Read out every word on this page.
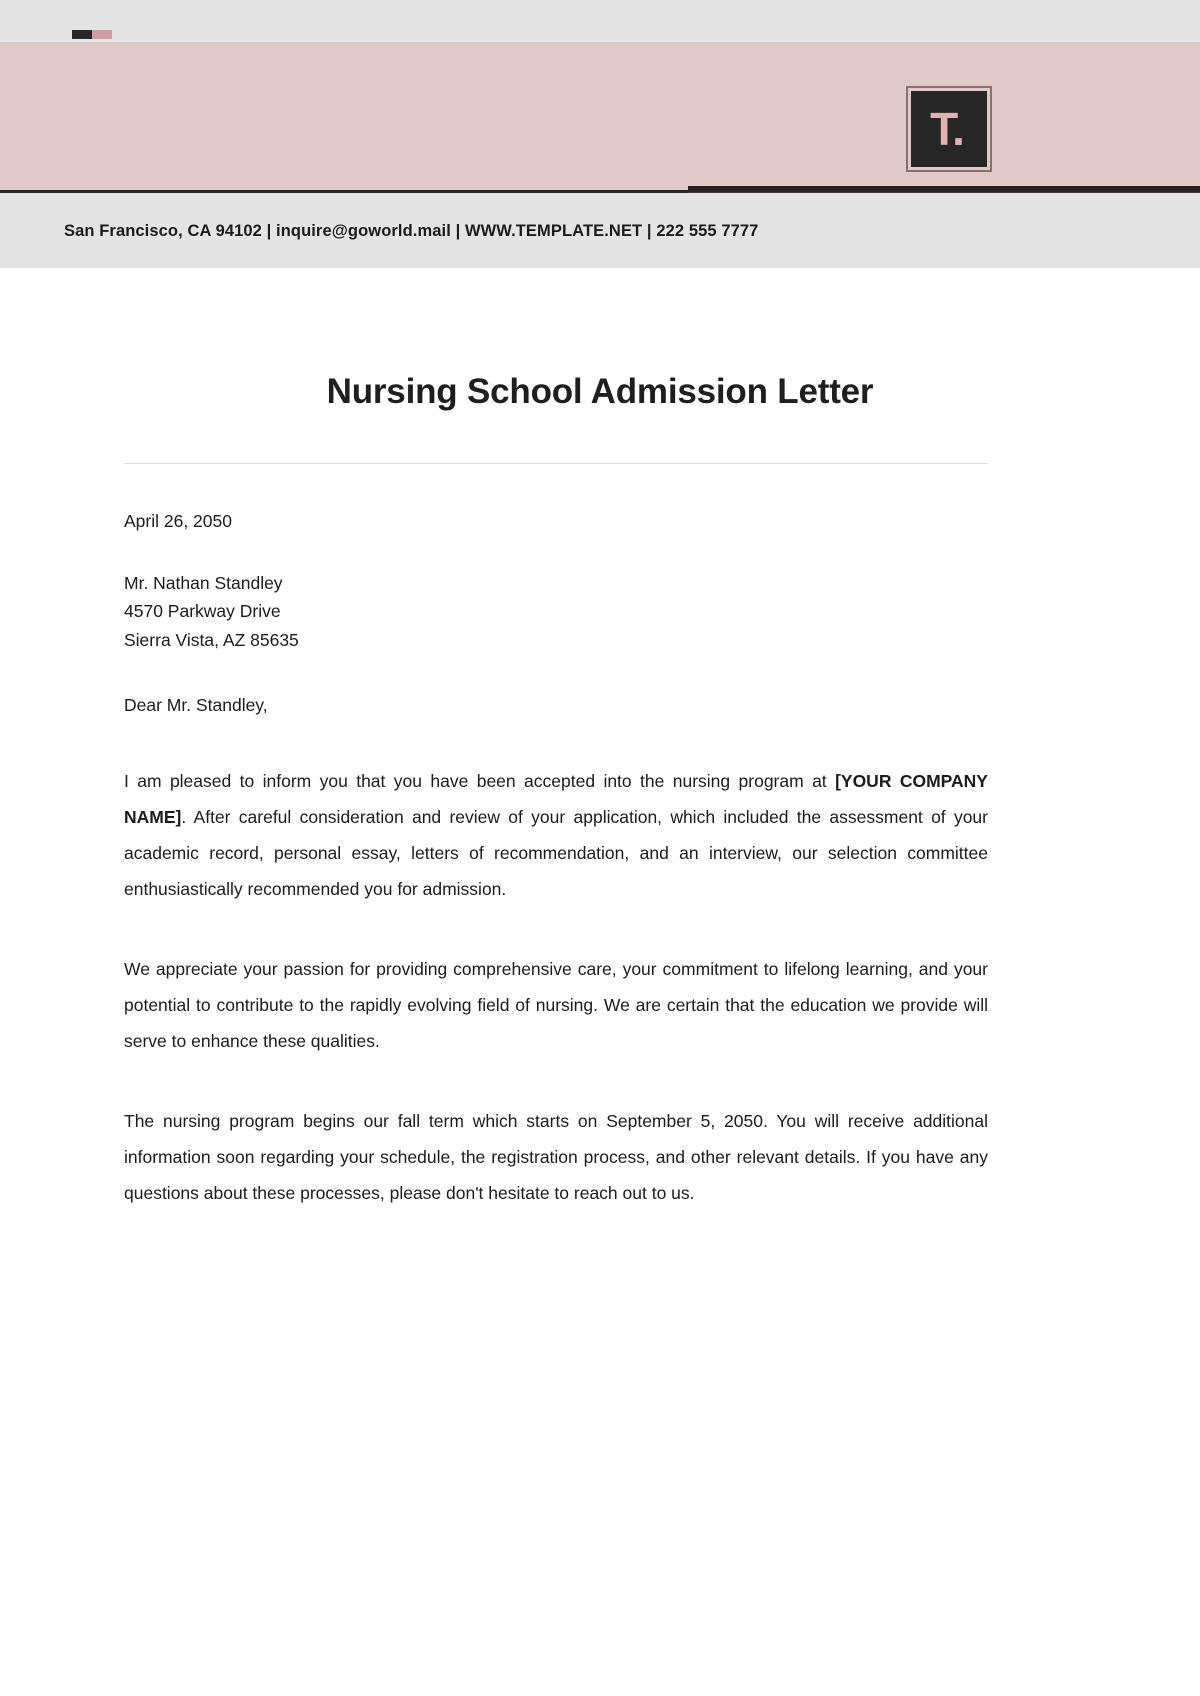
T.
San Francisco, CA 94102 | inquire@goworld.mail | WWW.TEMPLATE.NET | 222 555 7777
Nursing School Admission Letter
April 26, 2050
Mr. Nathan Standley
4570 Parkway Drive
Sierra Vista, AZ 85635
Dear Mr. Standley,

I am pleased to inform you that you have been accepted into the nursing program at [YOUR COMPANY NAME]. After careful consideration and review of your application, which included the assessment of your academic record, personal essay, letters of recommendation, and an interview, our selection committee enthusiastically recommended you for admission.

We appreciate your passion for providing comprehensive care, your commitment to lifelong learning, and your potential to contribute to the rapidly evolving field of nursing. We are certain that the education we provide will serve to enhance these qualities.

The nursing program begins our fall term which starts on September 5, 2050. You will receive additional information soon regarding your schedule, the registration process, and other relevant details. If you have any questions about these processes, please don't hesitate to reach out to us.
